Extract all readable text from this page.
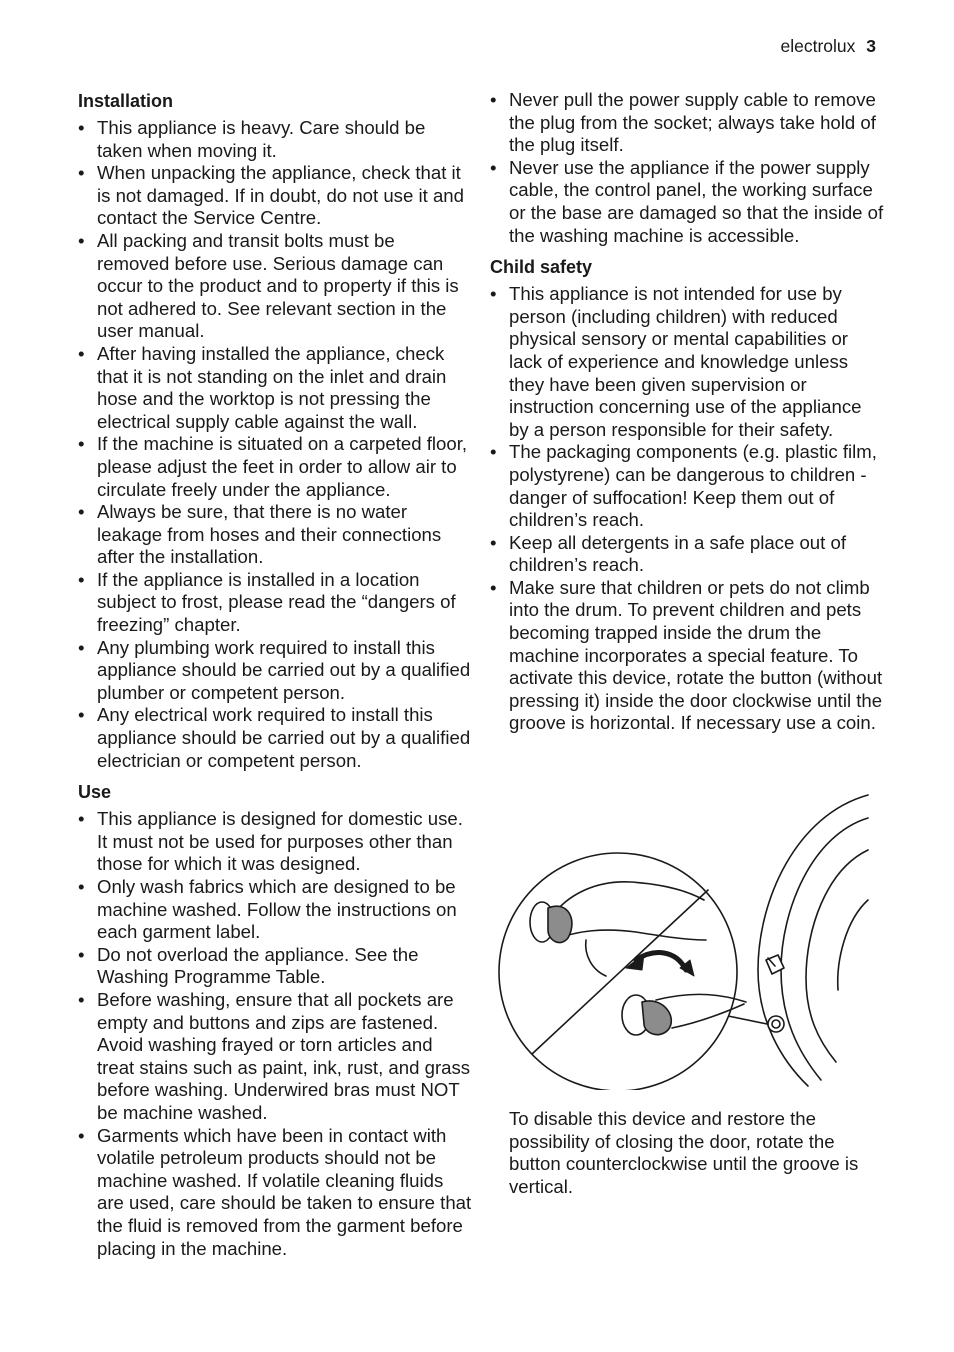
electrolux 3
Installation
• This appliance is heavy. Care should be taken when moving it.
• When unpacking the appliance, check that it is not damaged. If in doubt, do not use it and contact the Service Centre.
• All packing and transit bolts must be removed before use. Serious damage can occur to the product and to property if this is not adhered to. See relevant section in the user manual.
• After having installed the appliance, check that it is not standing on the inlet and drain hose and the worktop is not pressing the electrical supply cable against the wall.
• If the machine is situated on a carpeted floor, please adjust the feet in order to allow air to circulate freely under the appliance.
• Always be sure, that there is no water leakage from hoses and their connections after the installation.
• If the appliance is installed in a location subject to frost, please read the “dangers of freezing” chapter.
• Any plumbing work required to install this appliance should be carried out by a qualified plumber or competent person.
• Any electrical work required to install this appliance should be carried out by a qualified electrician or competent person.
Use
• This appliance is designed for domestic use. It must not be used for purposes other than those for which it was designed.
• Only wash fabrics which are designed to be machine washed. Follow the instructions on each garment label.
• Do not overload the appliance. See the Washing Programme Table.
• Before washing, ensure that all pockets are empty and buttons and zips are fastened. Avoid washing frayed or torn articles and treat stains such as paint, ink, rust, and grass before washing. Underwired bras must NOT be machine washed.
• Garments which have been in contact with volatile petroleum products should not be machine washed. If volatile cleaning fluids are used, care should be taken to ensure that the fluid is removed from the garment before placing in the machine.
• Never pull the power supply cable to remove the plug from the socket; always take hold of the plug itself.
• Never use the appliance if the power supply cable, the control panel, the working surface or the base are damaged so that the inside of the washing machine is accessible.
Child safety
• This appliance is not intended for use by person (including children) with reduced physical sensory or mental capabilities or lack of experience and knowledge unless they have been given supervision or instruction concerning use of the appliance by a person responsible for their safety.
• The packaging components (e.g. plastic film, polystyrene) can be dangerous to children - danger of suffocation! Keep them out of children’s reach.
• Keep all detergents in a safe place out of children’s reach.
• Make sure that children or pets do not climb into the drum. To prevent children and pets becoming trapped inside the drum the machine incorporates a special feature. To activate this device, rotate the button (without pressing it) inside the door clockwise until the groove is horizontal. If necessary use a coin.

To disable this device and restore the possibility of closing the door, rotate the button counterclockwise until the groove is vertical.
